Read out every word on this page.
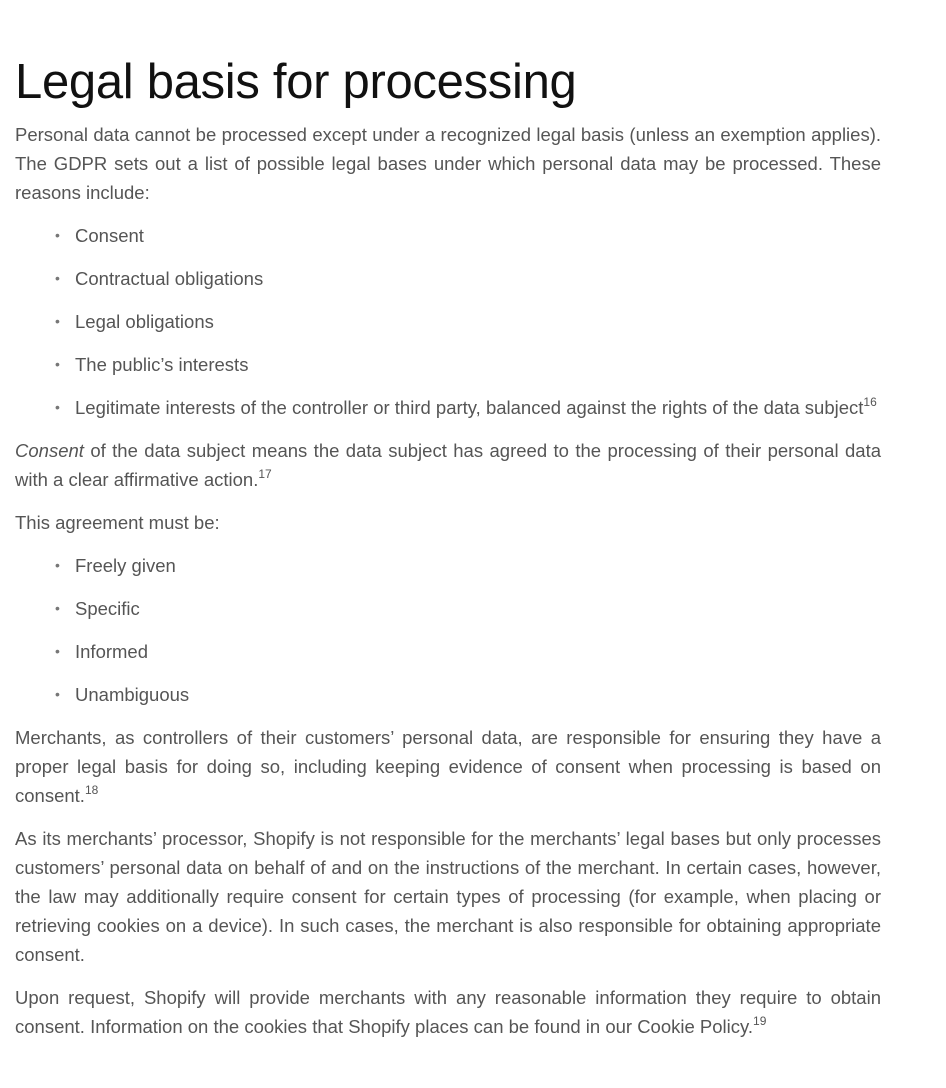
Legal basis for processing

Personal data cannot be processed except under a recognized legal basis (unless an exemption applies). The GDPR sets out a list of possible legal bases under which personal data may be processed. These reasons include:

• Consent
• Contractual obligations
• Legal obligations
• The public’s interests
• Legitimate interests of the controller or third party, balanced against the rights of the data subject$^{16}$

Consent of the data subject means the data subject has agreed to the processing of their personal data with a clear affirmative action.$^{17}$

This agreement must be:

• Freely given
• Specific
• Informed
• Unambiguous

Merchants, as controllers of their customers’ personal data, are responsible for ensuring they have a proper legal basis for doing so, including keeping evidence of consent when processing is based on consent.$^{18}$

As its merchants’ processor, Shopify is not responsible for the merchants’ legal bases but only processes customers’ personal data on behalf of and on the instructions of the merchant. In certain cases, however, the law may additionally require consent for certain types of processing (for example, when placing or retrieving cookies on a device). In such cases, the merchant is also responsible for obtaining appropriate consent.

Upon request, Shopify will provide merchants with any reasonable information they require to obtain consent. Information on the cookies that Shopify places can be found in our Cookie Policy.$^{19}$
